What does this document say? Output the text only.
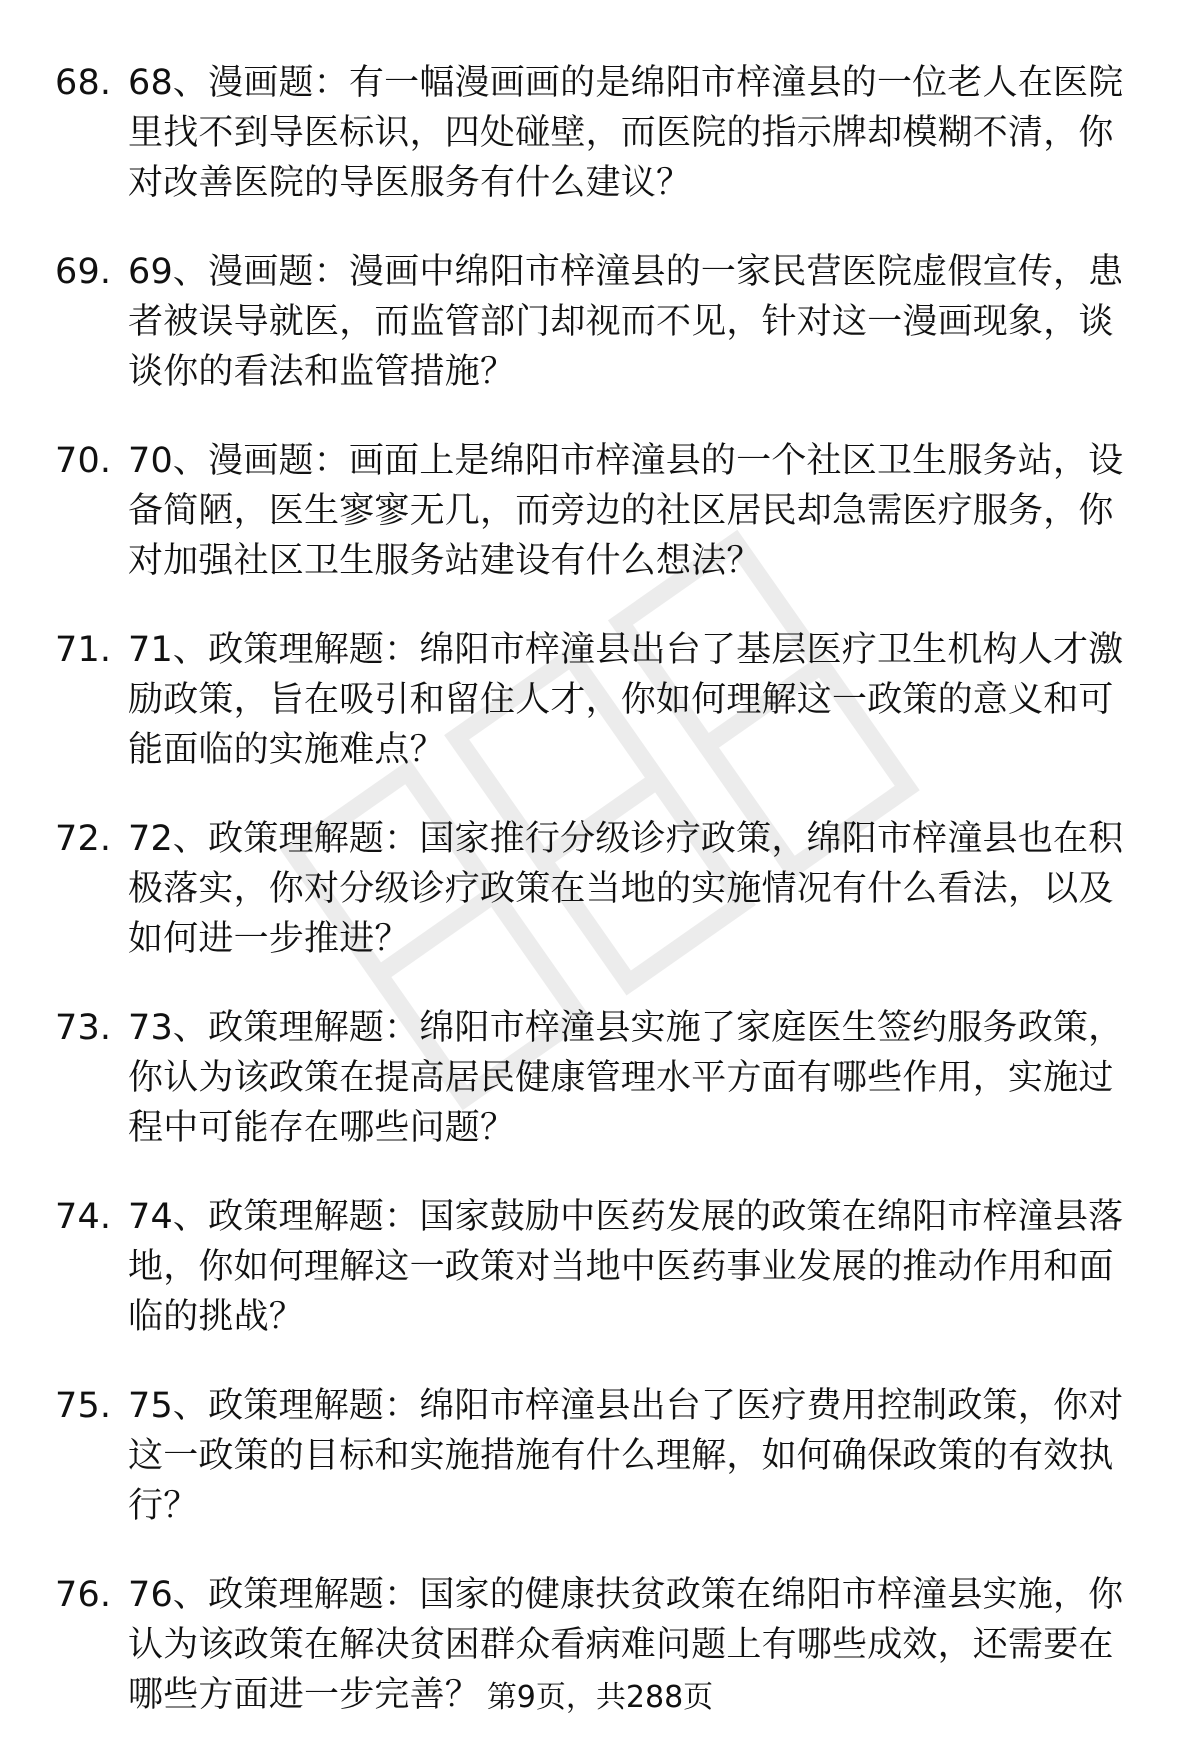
68. 68、漫画题：有一幅漫画画的是绵阳市梓潼县的一位老人在医院里找不到导医标识，四处碰壁，而医院的指示牌却模糊不清，你对改善医院的导医服务有什么建议？
69. 69、漫画题：漫画中绵阳市梓潼县的一家民营医院虚假宣传，患者被误导就医，而监管部门却视而不见，针对这一漫画现象，谈谈你的看法和监管措施？
70. 70、漫画题：画面上是绵阳市梓潼县的一个社区卫生服务站，设备简陋，医生寥寥无几，而旁边的社区居民却急需医疗服务，你对加强社区卫生服务站建设有什么想法？
71. 71、政策理解题：绵阳市梓潼县出台了基层医疗卫生机构人才激励政策，旨在吸引和留住人才，你如何理解这一政策的意义和可能面临的实施难点？
72. 72、政策理解题：国家推行分级诊疗政策，绵阳市梓潼县也在积极落实，你对分级诊疗政策在当地的实施情况有什么看法，以及如何进一步推进？
73. 73、政策理解题：绵阳市梓潼县实施了家庭医生签约服务政策，你认为该政策在提高居民健康管理水平方面有哪些作用，实施过程中可能存在哪些问题？
74. 74、政策理解题：国家鼓励中医药发展的政策在绵阳市梓潼县落地，你如何理解这一政策对当地中医药事业发展的推动作用和面临的挑战？
75. 75、政策理解题：绵阳市梓潼县出台了医疗费用控制政策，你对这一政策的目标和实施措施有什么理解，如何确保政策的有效执行？
76. 76、政策理解题：国家的健康扶贫政策在绵阳市梓潼县实施，你认为该政策在解决贫困群众看病难问题上有哪些成效，还需要在哪些方面进一步完善？ 第9页，共288页
